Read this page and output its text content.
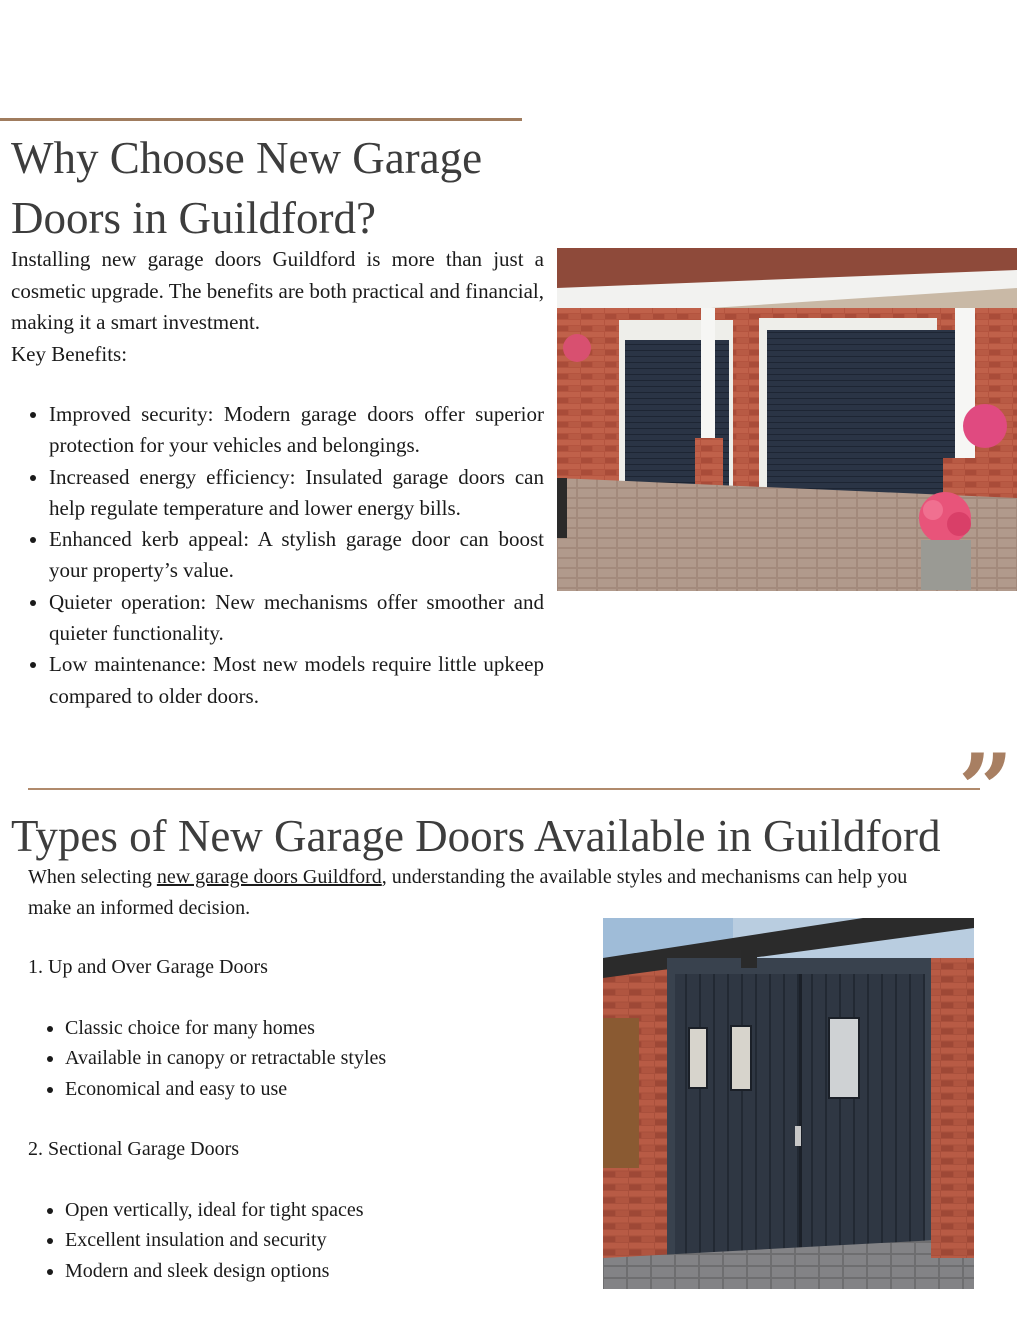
Why Choose New Garage Doors in Guildford?

Installing new garage doors Guildford is more than just a cosmetic upgrade. The benefits are both practical and financial, making it a smart investment.

Key Benefits:

• Improved security: Modern garage doors offer superior protection for your vehicles and belongings.
• Increased energy efficiency: Insulated garage doors can help regulate temperature and lower energy bills.
• Enhanced kerb appeal: A stylish garage door can boost your property’s value.
• Quieter operation: New mechanisms offer smoother and quieter functionality.
• Low maintenance: Most new models require little upkeep compared to older doors.
”
Types of New Garage Doors Available in Guildford
When selecting new garage doors Guildford, understanding the available styles and mechanisms can help you make an informed decision.
1. Up and Over Garage Doors
• Classic choice for many homes
• Available in canopy or retractable styles
• Economical and easy to use
2. Sectional Garage Doors
• Open vertically, ideal for tight spaces
• Excellent insulation and security
• Modern and sleek design options
